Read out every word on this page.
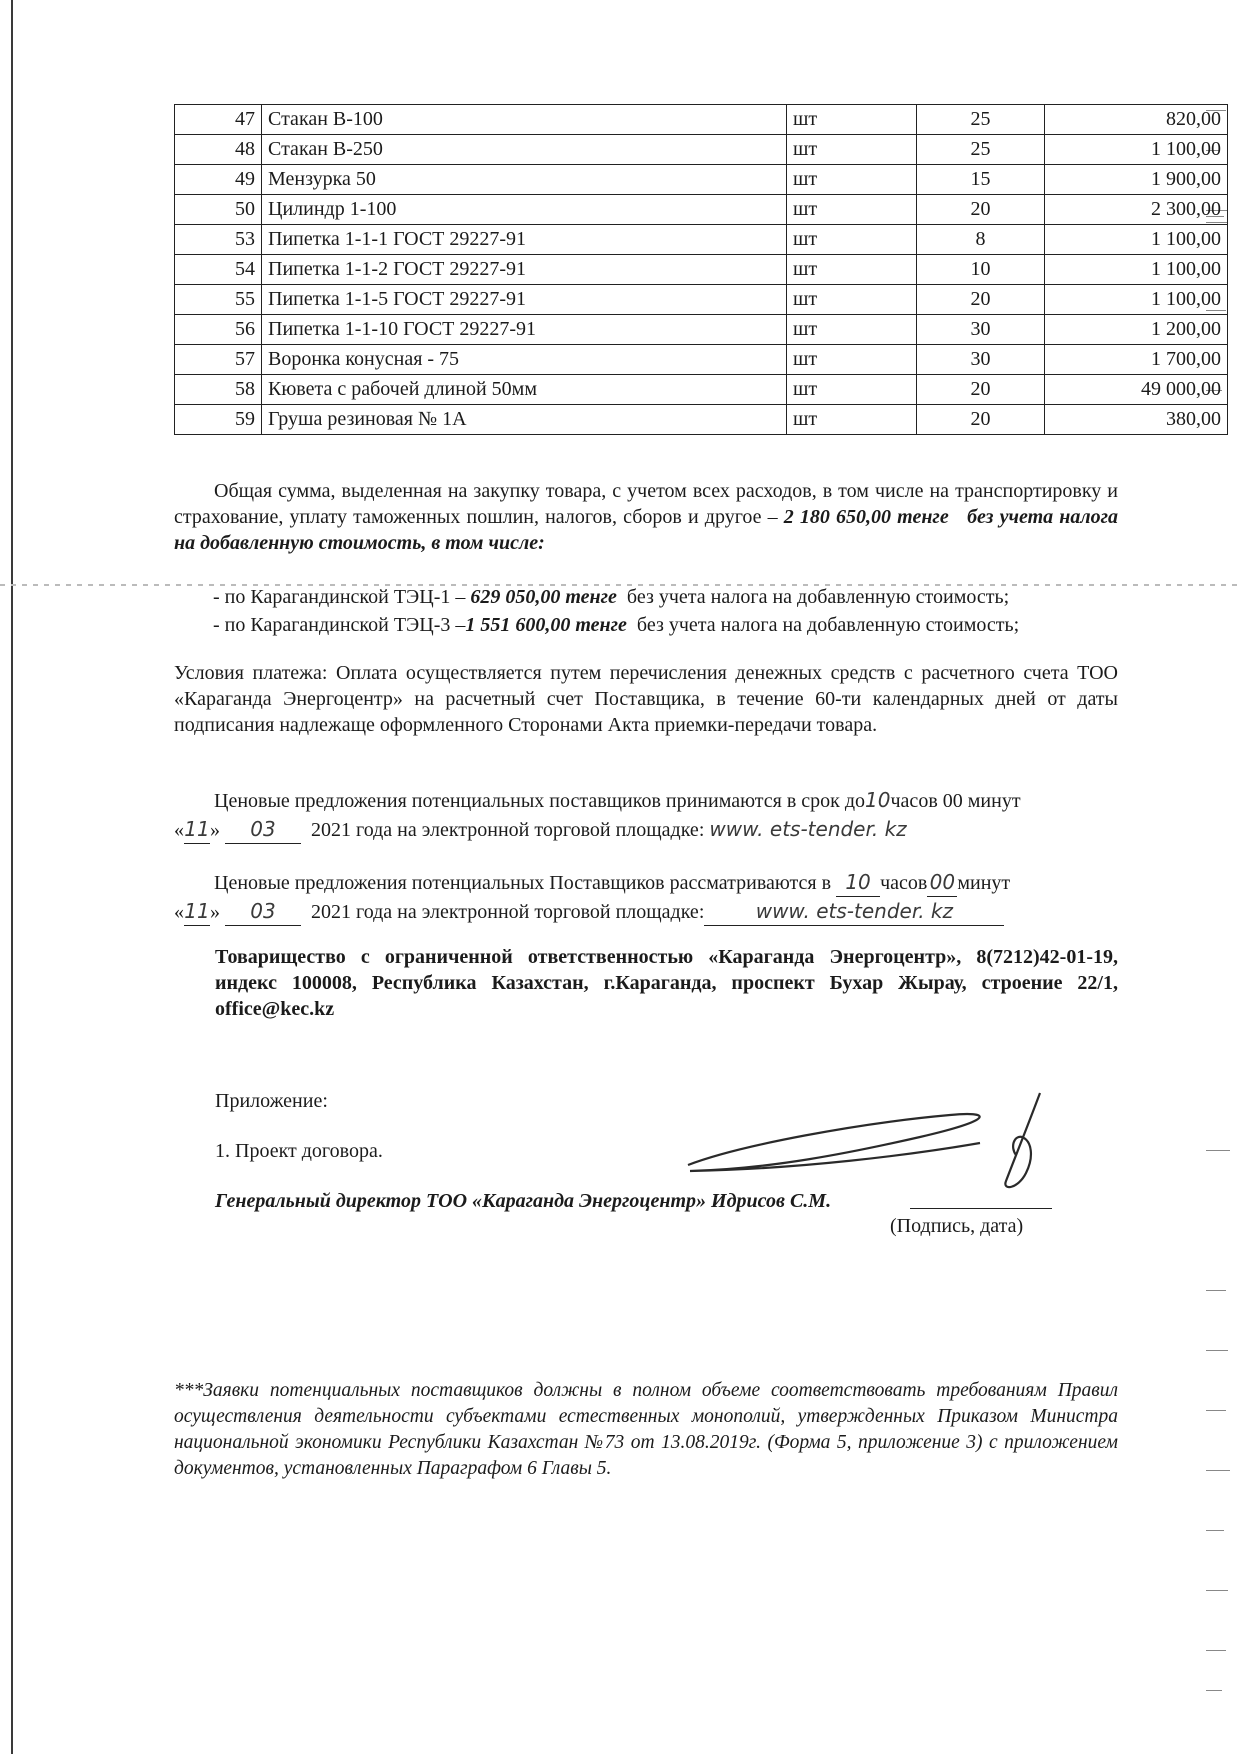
47	Стакан В-100	шт	25	820,00
48	Стакан В-250	шт	25	1 100,00
49	Мензурка 50	шт	15	1 900,00
50	Цилиндр 1-100	шт	20	2 300,00
53	Пипетка 1-1-1 ГОСТ 29227-91	шт	8	1 100,00
54	Пипетка 1-1-2 ГОСТ 29227-91	шт	10	1 100,00
55	Пипетка 1-1-5 ГОСТ 29227-91	шт	20	1 100,00
56	Пипетка 1-1-10 ГОСТ 29227-91	шт	30	1 200,00
57	Воронка конусная - 75	шт	30	1 700,00
58	Кювета с рабочей длиной 50мм	шт	20	49 000,00
59	Груша резиновая № 1А	шт	20	380,00
Общая сумма, выделенная на закупку товара, с учетом всех расходов, в том числе на транспортировку и страхование, уплату таможенных пошлин, налогов, сборов и другое – 2 180 650,00 тенге без учета налога на добавленную стоимость, в том числе:
- по Карагандинской ТЭЦ-1 – 629 050,00 тенге без учета налога на добавленную стоимость;
- по Карагандинской ТЭЦ-3 –1 551 600,00 тенге без учета налога на добавленную стоимость;
Условия платежа: Оплата осуществляется путем перечисления денежных средств с расчетного счета ТОО «Караганда Энергоцентр» на расчетный счет Поставщика, в течение 60-ти календарных дней от даты подписания надлежаще оформленного Сторонами Акта приемки-передачи товара.
Ценовые предложения потенциальных поставщиков принимаются в срок до10часов 00 минут
«11» 03 2021 года на электронной торговой площадке: www. ets-tender. kz
Ценовые предложения потенциальных Поставщиков рассматриваются в 10 часов 00 минут
«11» 03 2021 года на электронной торговой площадке:	www. ets-tender. kz
Товарищество с ограниченной ответственностью «Караганда Энергоцентр», 8(7212)42-01-19, индекс 100008, Республика Казахстан, г.Караганда, проспект Бухар Жырау, строение 22/1, office@kec.kz
Приложение:
1. Проект договора.
Генеральный директор ТОО «Караганда Энергоцентр» Идрисов С.М.
(Подпись, дата)
***Заявки потенциальных поставщиков должны в полном объеме соответствовать требованиям Правил осуществления деятельности субъектами естественных монополий, утвержденных Приказом Министра национальной экономики Республики Казахстан №73 от 13.08.2019г. (Форма 5, приложение 3) с приложением документов, установленных Параграфом 6 Главы 5.
